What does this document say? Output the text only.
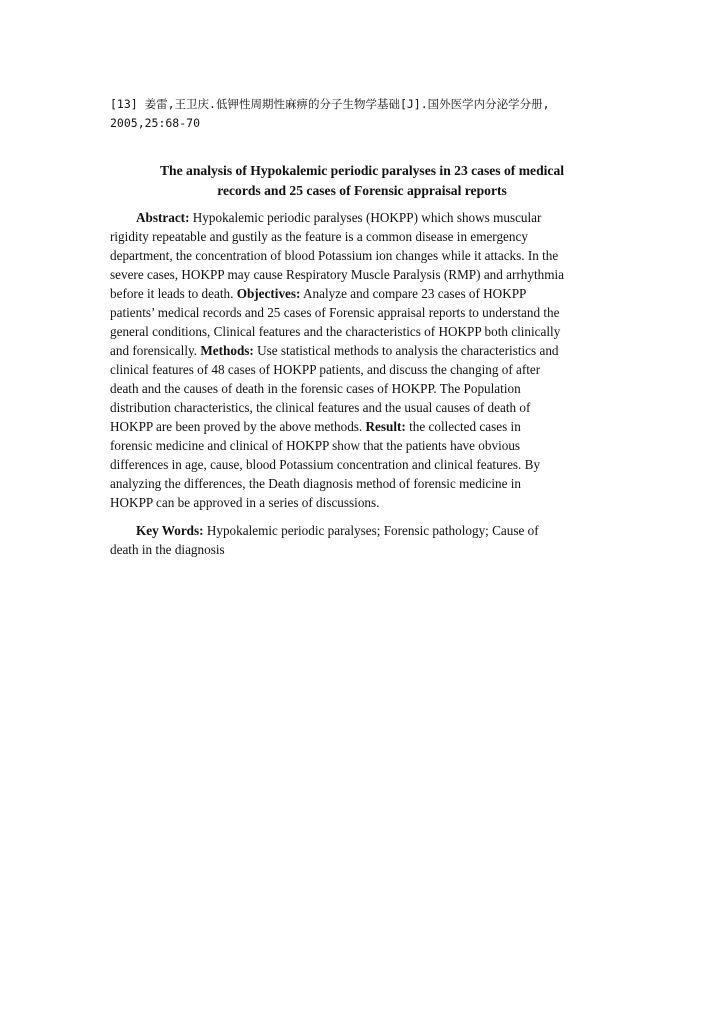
[13] 姜雷,王卫庆.低钾性周期性麻痹的分子生物学基础[J].国外医学内分泌学分册,
2005,25:68-70
The analysis of Hypokalemic periodic paralyses in 23 cases of medical
records and 25 cases of Forensic appraisal reports
Abstract: Hypokalemic periodic paralyses (HOKPP) which shows muscular
rigidity repeatable and gustily as the feature is a common disease in emergency
department, the concentration of blood Potassium ion changes while it attacks. In the
severe cases, HOKPP may cause Respiratory Muscle Paralysis (RMP) and arrhythmia
before it leads to death. Objectives: Analyze and compare 23 cases of HOKPP
patients’ medical records and 25 cases of Forensic appraisal reports to understand the
general conditions, Clinical features and the characteristics of HOKPP both clinically
and forensically. Methods: Use statistical methods to analysis the characteristics and
clinical features of 48 cases of HOKPP patients, and discuss the changing of after
death and the causes of death in the forensic cases of HOKPP. The Population
distribution characteristics, the clinical features and the usual causes of death of
HOKPP are been proved by the above methods. Result: the collected cases in
forensic medicine and clinical of HOKPP show that the patients have obvious
differences in age, cause, blood Potassium concentration and clinical features. By
analyzing the differences, the Death diagnosis method of forensic medicine in
HOKPP can be approved in a series of discussions.
Key Words: Hypokalemic periodic paralyses; Forensic pathology; Cause of
death in the diagnosis
